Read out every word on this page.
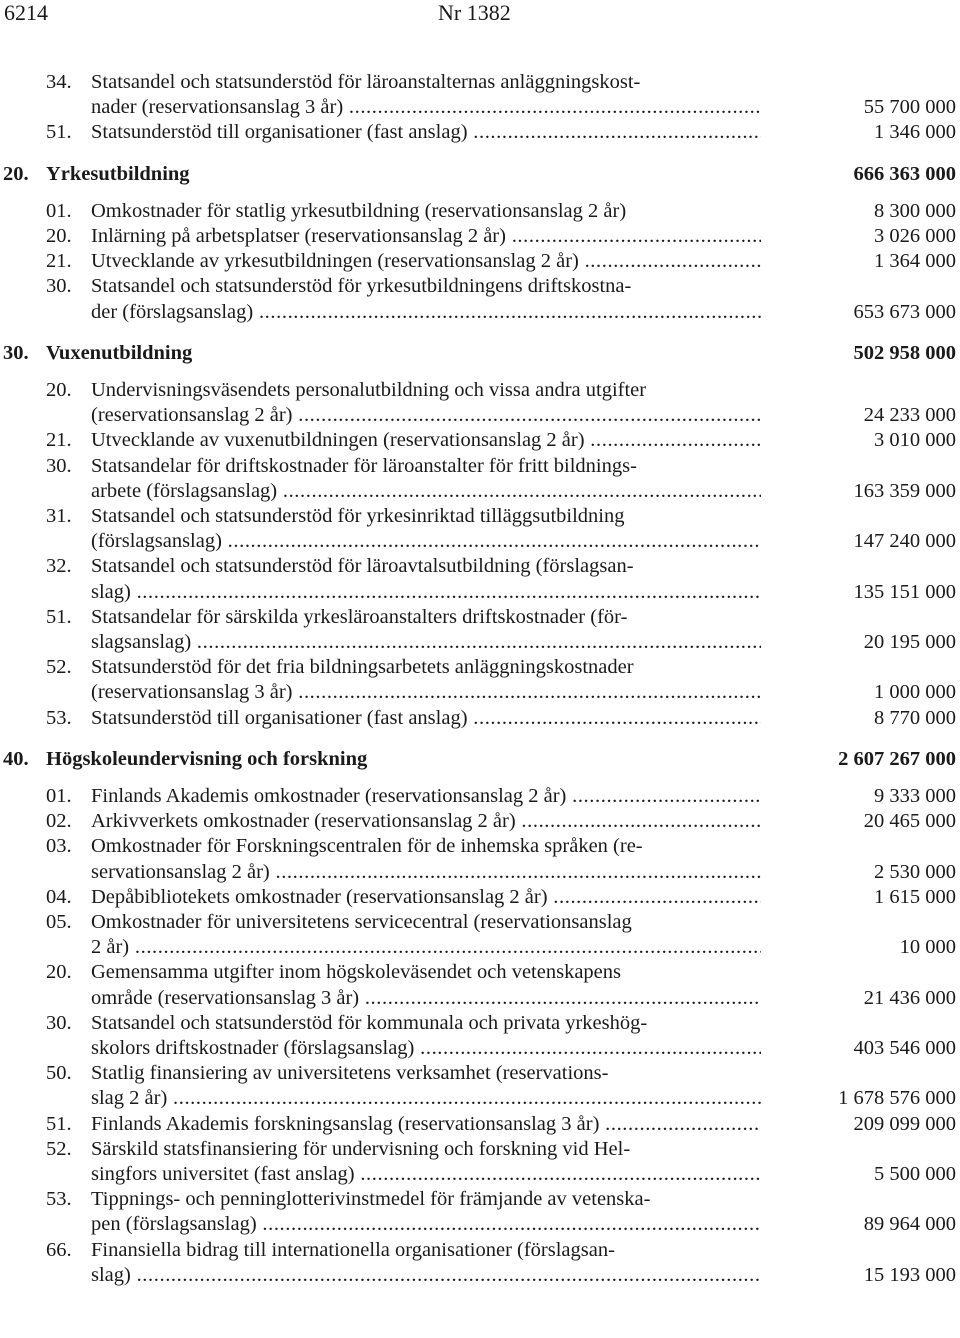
6214	Nr 1382
34. Statsandel och statsunderstöd för läroanstalternas anläggningskost-
nader (reservationsanslag 3 år) .....	55 700 000
51. Statsunderstöd till organisationer (fast anslag) .....	1 346 000
20. Yrkesutbildning	666 363 000
01. Omkostnader för statlig yrkesutbildning (reservationsanslag 2 år)	8 300 000
20. Inlärning på arbetsplatser (reservationsanslag 2 år) .....	3 026 000
21. Utvecklande av yrkesutbildningen (reservationsanslag 2 år) .....	1 364 000
30. Statsandel och statsunderstöd för yrkesutbildningens driftskostna-
der (förslagsanslag) .....	653 673 000
30. Vuxenutbildning	502 958 000
20. Undervisningsväsendets personalutbildning och vissa andra utgifter
(reservationsanslag 2 år) .....	24 233 000
21. Utvecklande av vuxenutbildningen (reservationsanslag 2 år) .....	3 010 000
30. Statsandelar för driftskostnader för läroanstalter för fritt bildnings-
arbete (förslagsanslag) .....	163 359 000
31. Statsandel och statsunderstöd för yrkesinriktad tilläggsutbildning
(förslagsanslag) .....	147 240 000
32. Statsandel och statsunderstöd för läroavtalsutbildning (förslagsan-
slag) .....	135 151 000
51. Statsandelar för särskilda yrkesläroanstalters driftskostnader (för-
slagsanslag) .....	20 195 000
52. Statsunderstöd för det fria bildningsarbetets anläggningskostnader
(reservationsanslag 3 år) .....	1 000 000
53. Statsunderstöd till organisationer (fast anslag) .....	8 770 000
40. Högskoleundervisning och forskning	2 607 267 000
01. Finlands Akademis omkostnader (reservationsanslag 2 år) .....	9 333 000
02. Arkivverkets omkostnader (reservationsanslag 2 år) .....	20 465 000
03. Omkostnader för Forskningscentralen för de inhemska språken (re-
servationsanslag 2 år) .....	2 530 000
04. Depåbibliotekets omkostnader (reservationsanslag 2 år) .....	1 615 000
05. Omkostnader för universitetens servicecentral (reservationsanslag
2 år) .....	10 000
20. Gemensamma utgifter inom högskoleväsendet och vetenskapens
område (reservationsanslag 3 år) .....	21 436 000
30. Statsandel och statsunderstöd för kommunala och privata yrkeshög-
skolors driftskostnader (förslagsanslag) .....	403 546 000
50. Statlig finansiering av universitetens verksamhet (reservations-
slag 2 år) .....	1 678 576 000
51. Finlands Akademis forskningsanslag (reservationsanslag 3 år) .....	209 099 000
52. Särskild statsfinansiering för undervisning och forskning vid Hel-
singfors universitet (fast anslag) .....	5 500 000
53. Tippnings- och penninglotterivinstmedel för främjande av vetenska-
pen (förslagsanslag) .....	89 964 000
66. Finansiella bidrag till internationella organisationer (förslagsan-
slag) .....	15 193 000
